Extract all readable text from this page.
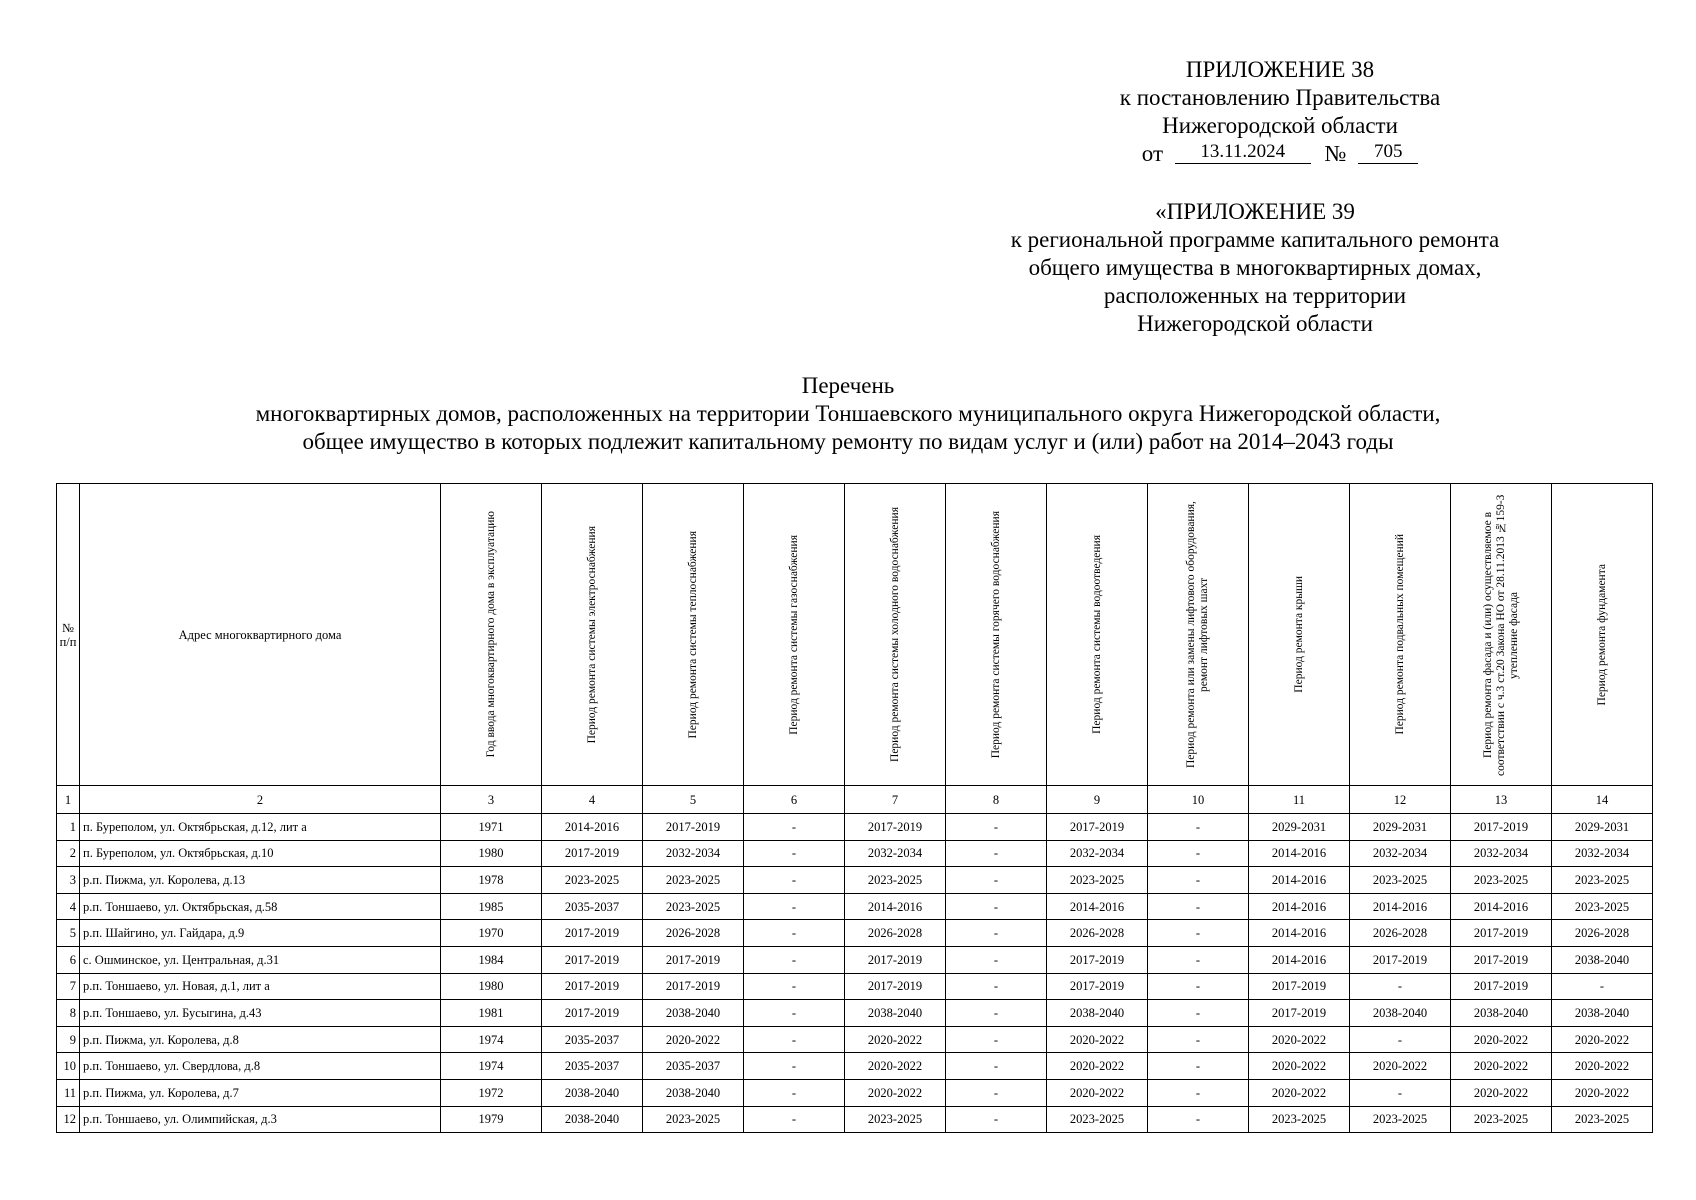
ПРИЛОЖЕНИЕ 38
к постановлению Правительства
Нижегородской области
от 13.11.2024 № 705
«ПРИЛОЖЕНИЕ 39
к региональной программе капитального ремонта
общего имущества в многоквартирных домах,
расположенных на территории
Нижегородской области
Перечень
многоквартирных домов, расположенных на территории Тоншаевского муниципального округа Нижегородской области,
общее имущество в которых подлежит капитальному ремонту по видам услуг и (или) работ на 2014–2043 годы
№ п/п	Адрес многоквартирного дома	Год ввода многоквартирного дома в эксплуатацию	Период ремонта системы электроснабжения	Период ремонта системы теплоснабжения	Период ремонта системы газоснабжения	Период ремонта системы холодного водоснабжения	Период ремонта системы горячего водоснабжения	Период ремонта системы водоотведения	Период ремонта или замены лифтового оборудования, ремонт лифтовых шахт	Период ремонта крыши	Период ремонта подвальных помещений	Период ремонта фасада и (или) осуществляемое в соответствии с ч.3 ст.20 Закона НО от 28.11.2013 №159-З утепление фасада	Период ремонта фундамента

1	2	3	4	5	6	7	8	9	10	11	12	13	14
1	п. Буреполом, ул. Октябрьская, д.12, лит а	1971	2014-2016	2017-2019	-	2017-2019	-	2017-2019	-	2029-2031	2029-2031	2017-2019	2029-2031
2	п. Буреполом, ул. Октябрьская, д.10	1980	2017-2019	2032-2034	-	2032-2034	-	2032-2034	-	2014-2016	2032-2034	2032-2034	2032-2034
3	р.п. Пижма, ул. Королева, д.13	1978	2023-2025	2023-2025	-	2023-2025	-	2023-2025	-	2014-2016	2023-2025	2023-2025	2023-2025
4	р.п. Тоншаево, ул. Октябрьская, д.58	1985	2035-2037	2023-2025	-	2014-2016	-	2014-2016	-	2014-2016	2014-2016	2014-2016	2023-2025
5	р.п. Шайгино, ул. Гайдара, д.9	1970	2017-2019	2026-2028	-	2026-2028	-	2026-2028	-	2014-2016	2026-2028	2017-2019	2026-2028
6	с. Ошминское, ул. Центральная, д.31	1984	2017-2019	2017-2019	-	2017-2019	-	2017-2019	-	2014-2016	2017-2019	2017-2019	2038-2040
7	р.п. Тоншаево, ул. Новая, д.1, лит а	1980	2017-2019	2017-2019	-	2017-2019	-	2017-2019	-	2017-2019	-	2017-2019	-
8	р.п. Тоншаево, ул. Бусыгина, д.43	1981	2017-2019	2038-2040	-	2038-2040	-	2038-2040	-	2017-2019	2038-2040	2038-2040	2038-2040
9	р.п. Пижма, ул. Королева, д.8	1974	2035-2037	2020-2022	-	2020-2022	-	2020-2022	-	2020-2022	-	2020-2022	2020-2022
10	р.п. Тоншаево, ул. Свердлова, д.8	1974	2035-2037	2035-2037	-	2020-2022	-	2020-2022	-	2020-2022	2020-2022	2020-2022	2020-2022
11	р.п. Пижма, ул. Королева, д.7	1972	2038-2040	2038-2040	-	2020-2022	-	2020-2022	-	2020-2022	-	2020-2022	2020-2022
12	р.п. Тоншаево, ул. Олимпийская, д.3	1979	2038-2040	2023-2025	-	2023-2025	-	2023-2025	-	2023-2025	2023-2025	2023-2025	2023-2025
